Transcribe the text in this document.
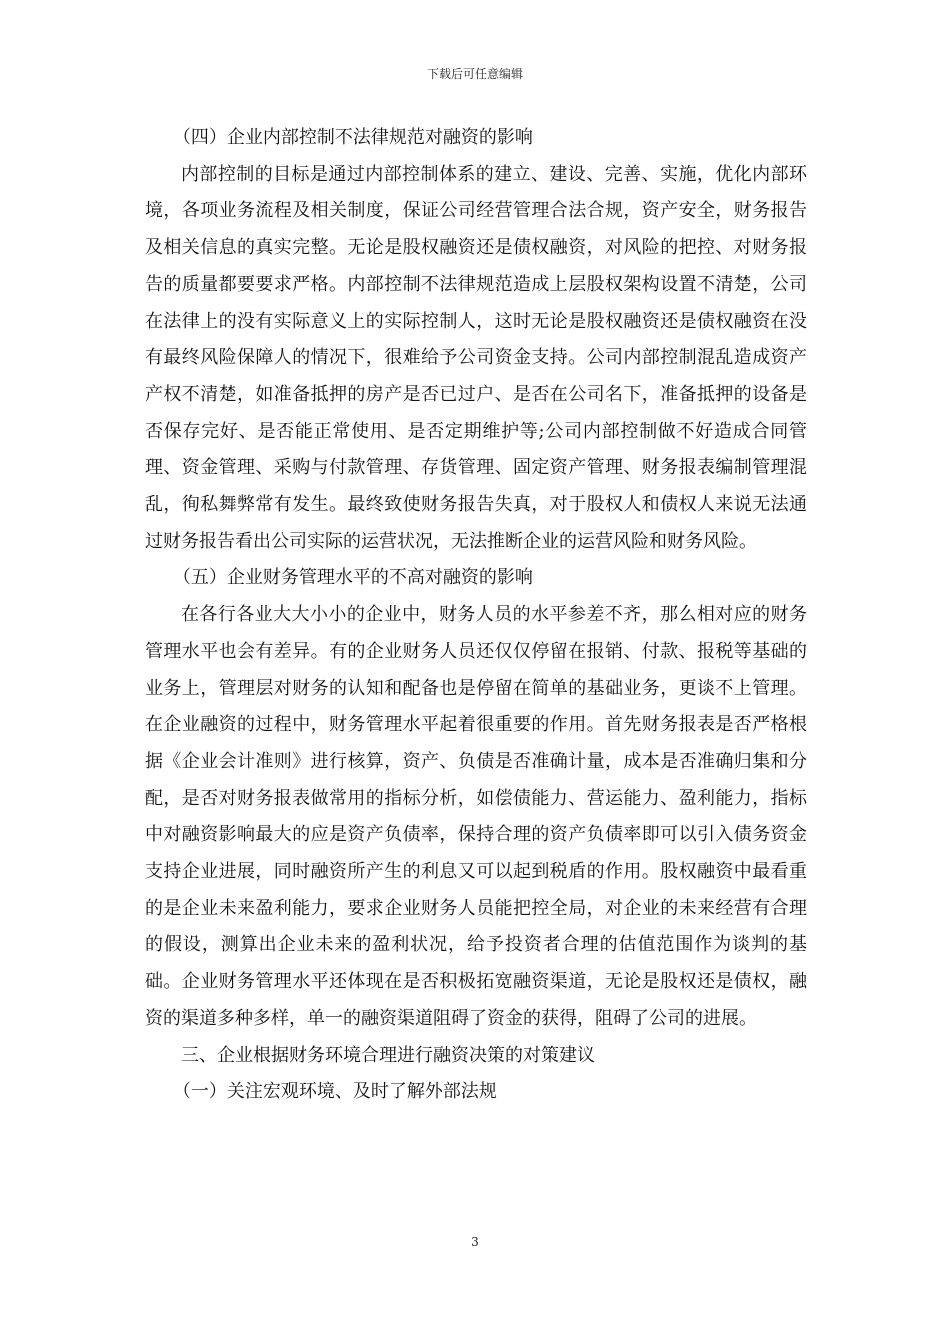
下载后可任意编辑

（四）企业内部控制不法律规范对融资的影响

内部控制的目标是通过内部控制体系的建立、建设、完善、实施，优化内部环境，各项业务流程及相关制度，保证公司经营管理合法合规，资产安全，财务报告及相关信息的真实完整。无论是股权融资还是债权融资，对风险的把控、对财务报告的质量都要要求严格。内部控制不法律规范造成上层股权架构设置不清楚，公司在法律上的没有实际意义上的实际控制人，这时无论是股权融资还是债权融资在没有最终风险保障人的情况下，很难给予公司资金支持。公司内部控制混乱造成资产产权不清楚，如准备抵押的房产是否已过户、是否在公司名下，准备抵押的设备是否保存完好、是否能正常使用、是否定期维护等;公司内部控制做不好造成合同管理、资金管理、采购与付款管理、存货管理、固定资产管理、财务报表编制管理混乱，徇私舞弊常有发生。最终致使财务报告失真，对于股权人和债权人来说无法通过财务报告看出公司实际的运营状况，无法推断企业的运营风险和财务风险。

（五）企业财务管理水平的不高对融资的影响

在各行各业大大小小的企业中，财务人员的水平参差不齐，那么相对应的财务管理水平也会有差异。有的企业财务人员还仅仅停留在报销、付款、报税等基础的业务上，管理层对财务的认知和配备也是停留在简单的基础业务，更谈不上管理。在企业融资的过程中，财务管理水平起着很重要的作用。首先财务报表是否严格根据《企业会计准则》进行核算，资产、负债是否准确计量，成本是否准确归集和分配，是否对财务报表做常用的指标分析，如偿债能力、营运能力、盈利能力，指标中对融资影响最大的应是资产负债率，保持合理的资产负债率即可以引入债务资金支持企业进展，同时融资所产生的利息又可以起到税盾的作用。股权融资中最看重的是企业未来盈利能力，要求企业财务人员能把控全局，对企业的未来经营有合理的假设，测算出企业未来的盈利状况，给予投资者合理的估值范围作为谈判的基础。企业财务管理水平还体现在是否积极拓宽融资渠道，无论是股权还是债权，融资的渠道多种多样，单一的融资渠道阻碍了资金的获得，阻碍了公司的进展。

三、企业根据财务环境合理进行融资决策的对策建议

（一）关注宏观环境、及时了解外部法规

3
